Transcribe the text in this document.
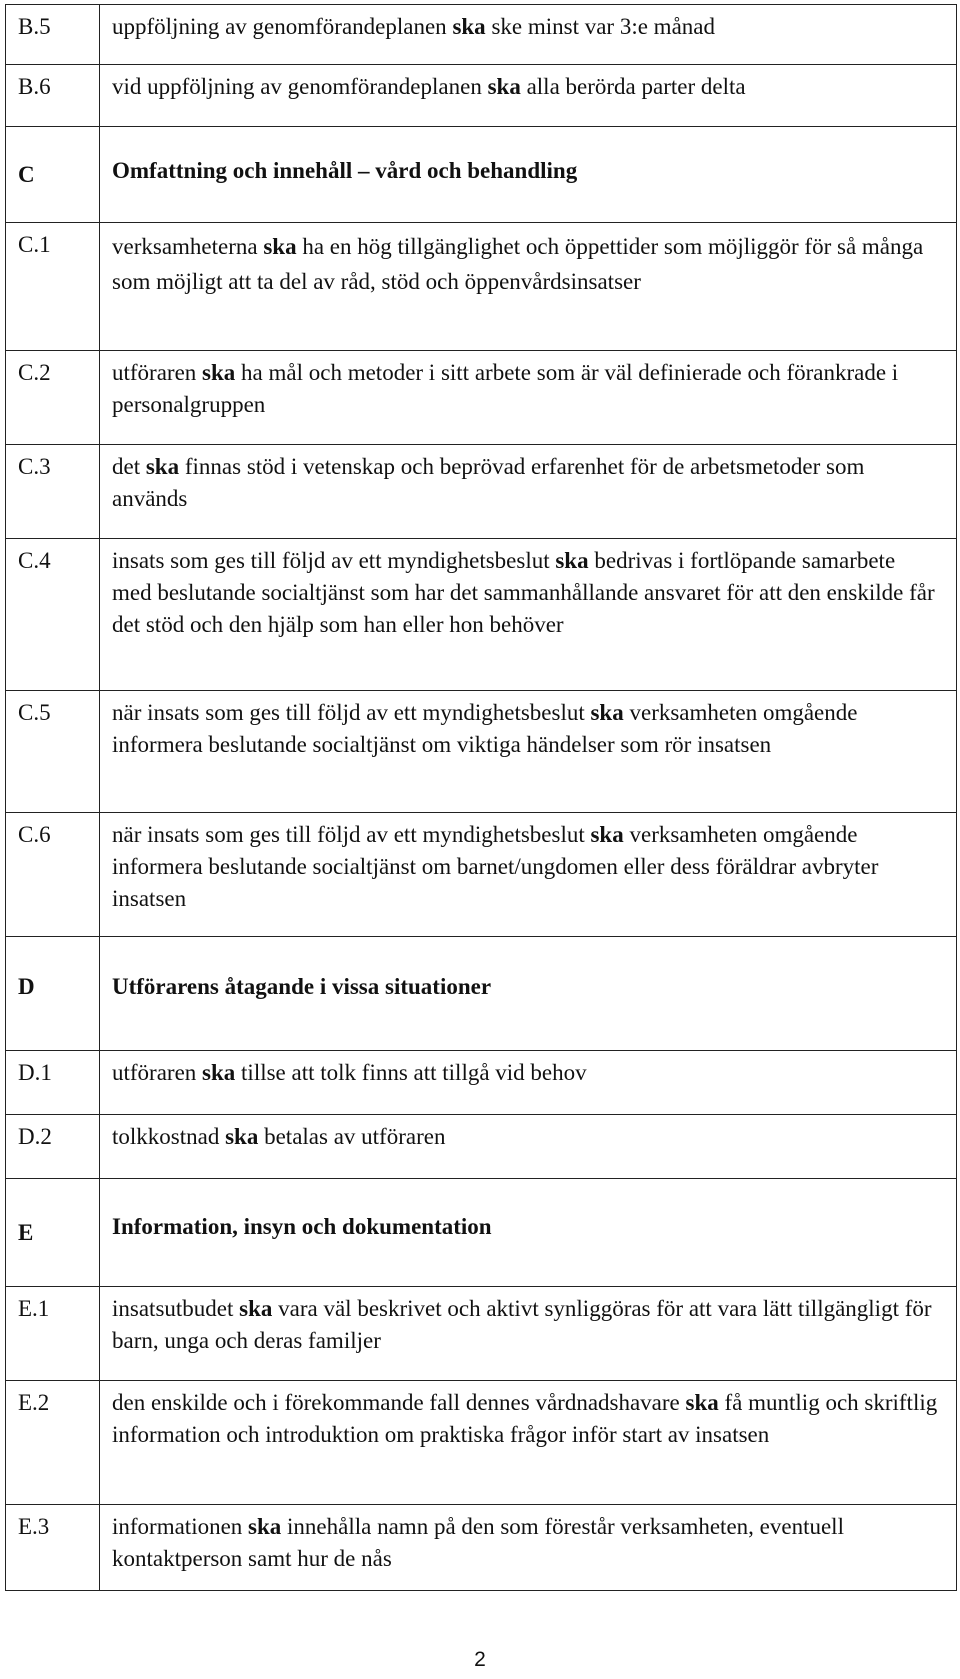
B.5	uppföljning av genomförandeplanen ska ske minst var 3:e månad

B.6	vid uppföljning av genomförandeplanen ska alla berörda parter delta

C	Omfattning och innehåll – vård och behandling

C.1	verksamheterna ska ha en hög tillgänglighet och öppettider som möjliggör för så många som möjligt att ta del av råd, stöd och öppenvårdsinsatser

C.2	utföraren ska ha mål och metoder i sitt arbete som är väl definierade och förankrade i personalgruppen

C.3	det ska finnas stöd i vetenskap och beprövad erfarenhet för de arbetsmetoder som används

C.4	insats som ges till följd av ett myndighetsbeslut ska bedrivas i fortlöpande samarbete med beslutande socialtjänst som har det sammanhållande ansvaret för att den enskilde får det stöd och den hjälp som han eller hon behöver

C.5	när insats som ges till följd av ett myndighetsbeslut ska verksamheten omgående informera beslutande socialtjänst om viktiga händelser som rör insatsen

C.6	när insats som ges till följd av ett myndighetsbeslut ska verksamheten omgående informera beslutande socialtjänst om barnet/ungdomen eller dess föräldrar avbryter insatsen

D	Utförarens åtagande i vissa situationer

D.1	utföraren ska tillse att tolk finns att tillgå vid behov

D.2	tolkkostnad ska betalas av utföraren

E	Information, insyn och dokumentation

E.1	insatsutbudet ska vara väl beskrivet och aktivt synliggöras för att vara lätt tillgängligt för barn, unga och deras familjer

E.2	den enskilde och i förekommande fall dennes vårdnadshavare ska få muntlig och skriftlig information och introduktion om praktiska frågor inför start av insatsen

E.3	informationen ska innehålla namn på den som förestår verksamheten, eventuell kontaktperson samt hur de nås
2
